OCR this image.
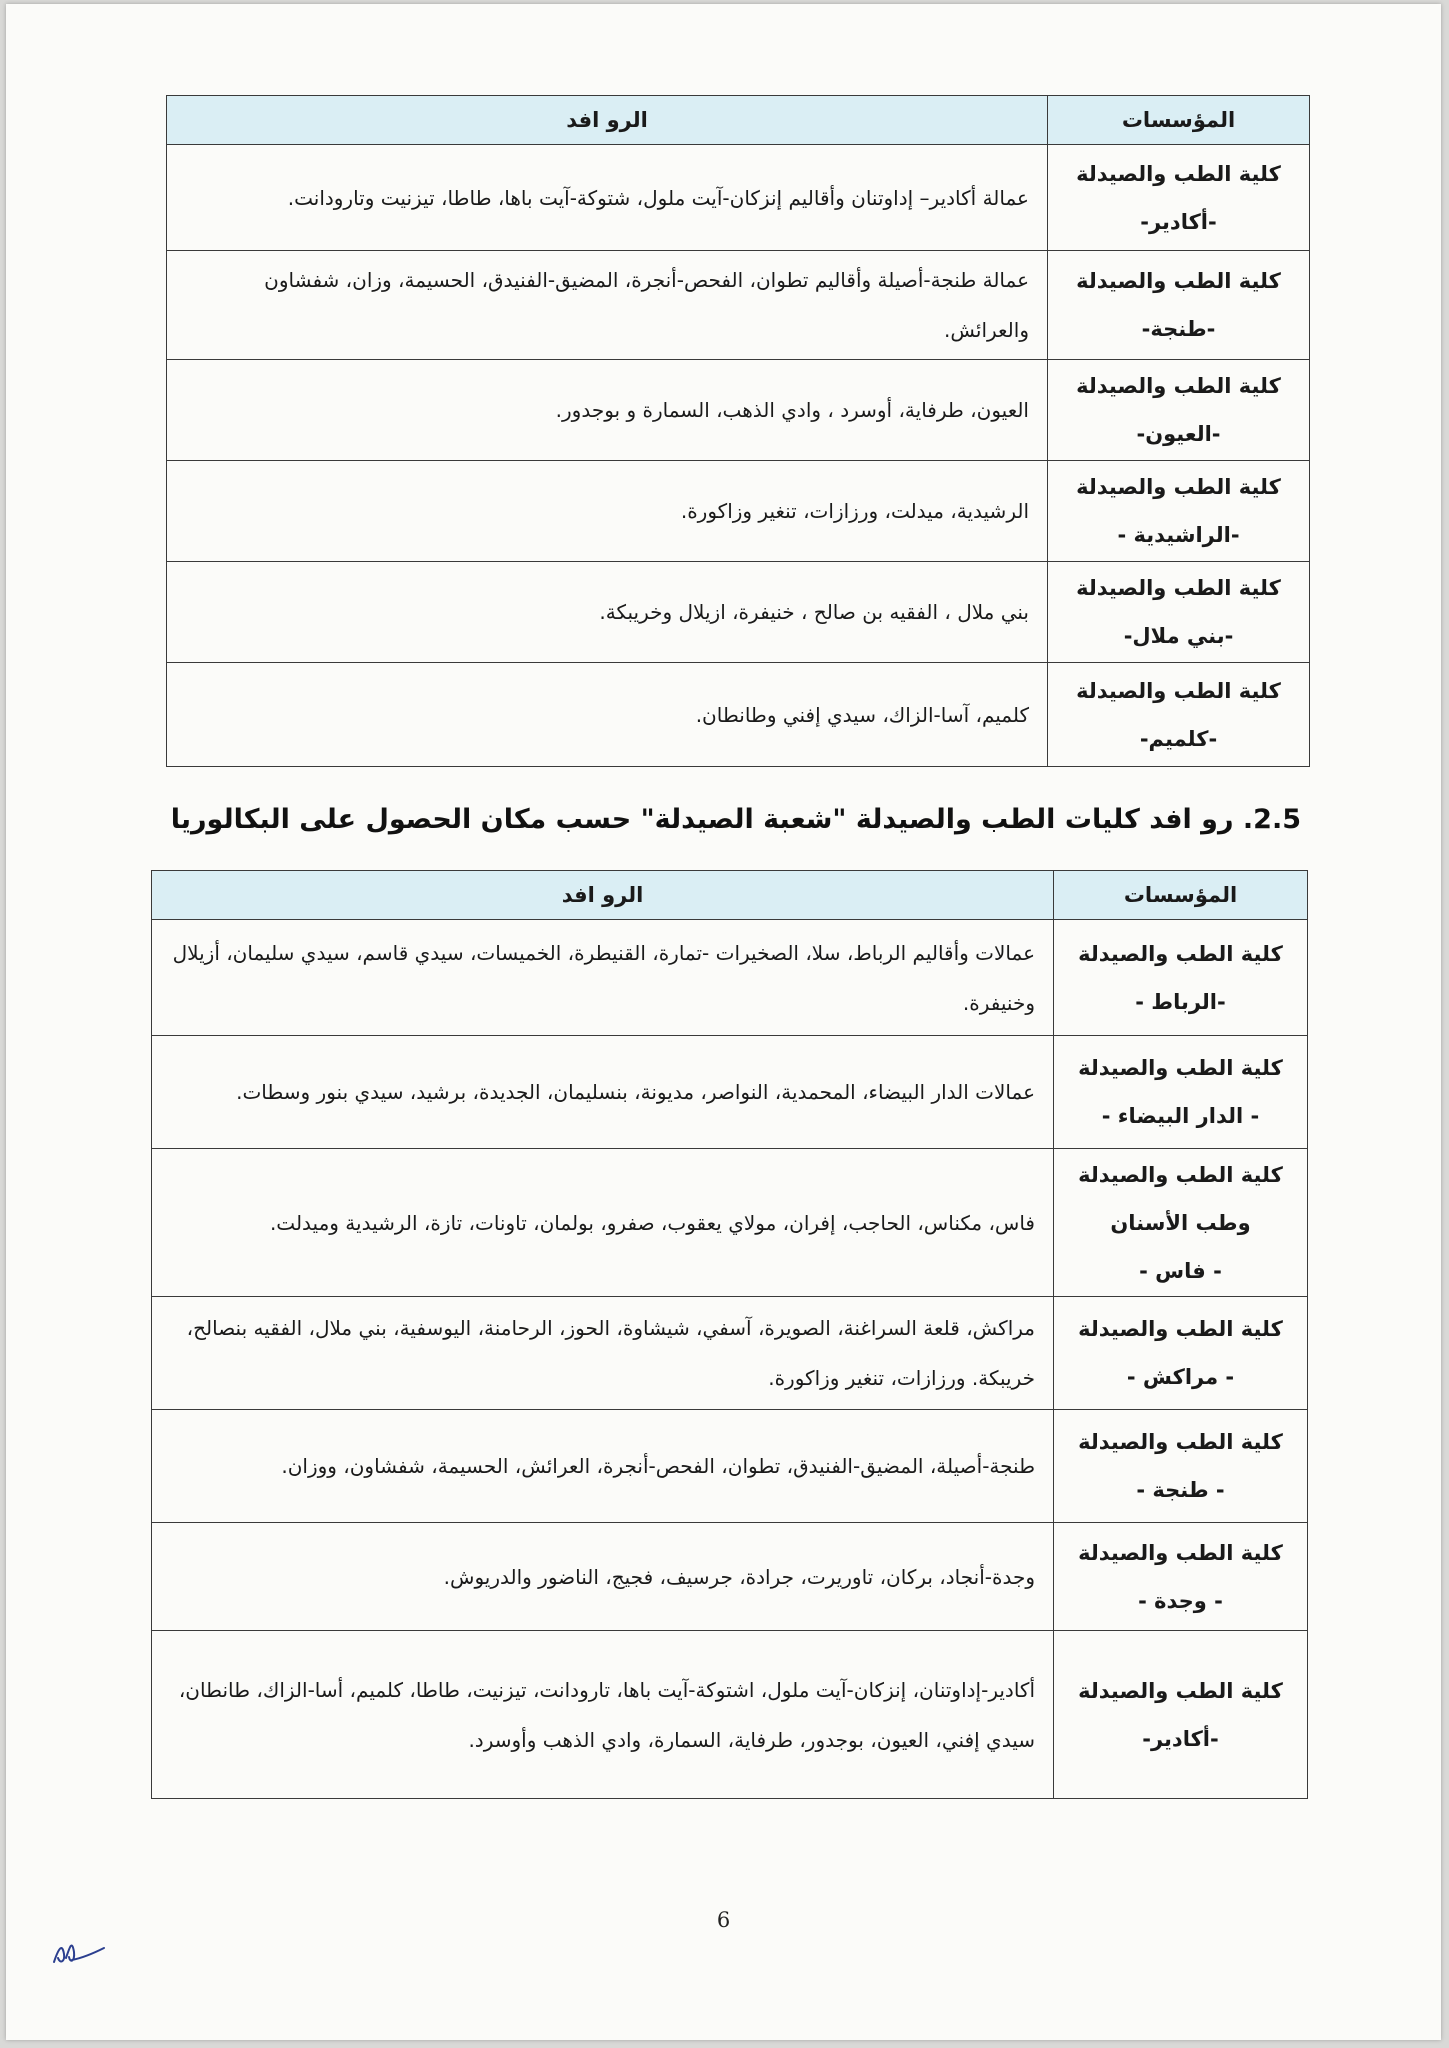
المؤسسات	الرو افد

كلية الطب والصيدلة
-أكادير-	عمالة أكادير– إداوتنان وأقاليم إنزكان-آيت ملول، شتوكة-آيت باها، طاطا، تيزنيت وتارودانت.

كلية الطب والصيدلة
-طنجة-	عمالة طنجة-أصيلة وأقاليم تطوان، الفحص-أنجرة، المضيق-الفنيدق، الحسيمة، وزان، شفشاون والعرائش.

كلية الطب والصيدلة
-العيون-	العيون، طرفاية، أوسرد ، وادي الذهب، السمارة و بوجدور.

كلية الطب والصيدلة
-الراشيدية -	الرشيدية، ميدلت، ورزازات، تنغير وزاكورة.

كلية الطب والصيدلة
-بني ملال-	بني ملال ، الفقيه بن صالح ، خنيفرة، ازيلال وخريبكة.

كلية الطب والصيدلة
-كلميم-	كلميم، آسا-الزاك، سيدي إفني وطانطان.
2.5. رو افد كليات الطب والصيدلة "شعبة الصيدلة" حسب مكان الحصول على البكالوريا
المؤسسات	الرو افد

كلية الطب والصيدلة
-الرباط -	عمالات وأقاليم الرباط، سلا، الصخيرات -تمارة، القنيطرة، الخميسات، سيدي قاسم، سيدي سليمان، أزيلال وخنيفرة.

كلية الطب والصيدلة
- الدار البيضاء -	عمالات الدار البيضاء، المحمدية، النواصر، مديونة، بنسليمان، الجديدة، برشيد، سيدي بنور وسطات.

كلية الطب والصيدلة
وطب الأسنان
- فاس -	فاس، مكناس، الحاجب، إفران، مولاي يعقوب، صفرو، بولمان، تاونات، تازة، الرشيدية وميدلت.

كلية الطب والصيدلة
- مراكش -	مراكش، قلعة السراغنة، الصويرة، آسفي، شيشاوة، الحوز، الرحامنة، اليوسفية، بني ملال، الفقيه بنصالح، خريبكة. ورزازات، تنغير وزاكورة.

كلية الطب والصيدلة
- طنجة -	طنجة-أصيلة، المضيق-الفنيدق، تطوان، الفحص-أنجرة، العرائش، الحسيمة، شفشاون، ووزان.

كلية الطب والصيدلة
- وجدة -	وجدة-أنجاد، بركان، تاوريرت، جرادة، جرسيف، فجيج، الناضور والدريوش.

كلية الطب والصيدلة
-أكادير-	أكادير-إداوتنان، إنزكان-آيت ملول، اشتوكة-آيت باها، تارودانت، تيزنيت، طاطا، كلميم، أسا-الزاك، طانطان، سيدي إفني، العيون، بوجدور، طرفاية، السمارة، وادي الذهب وأوسرد.
6
